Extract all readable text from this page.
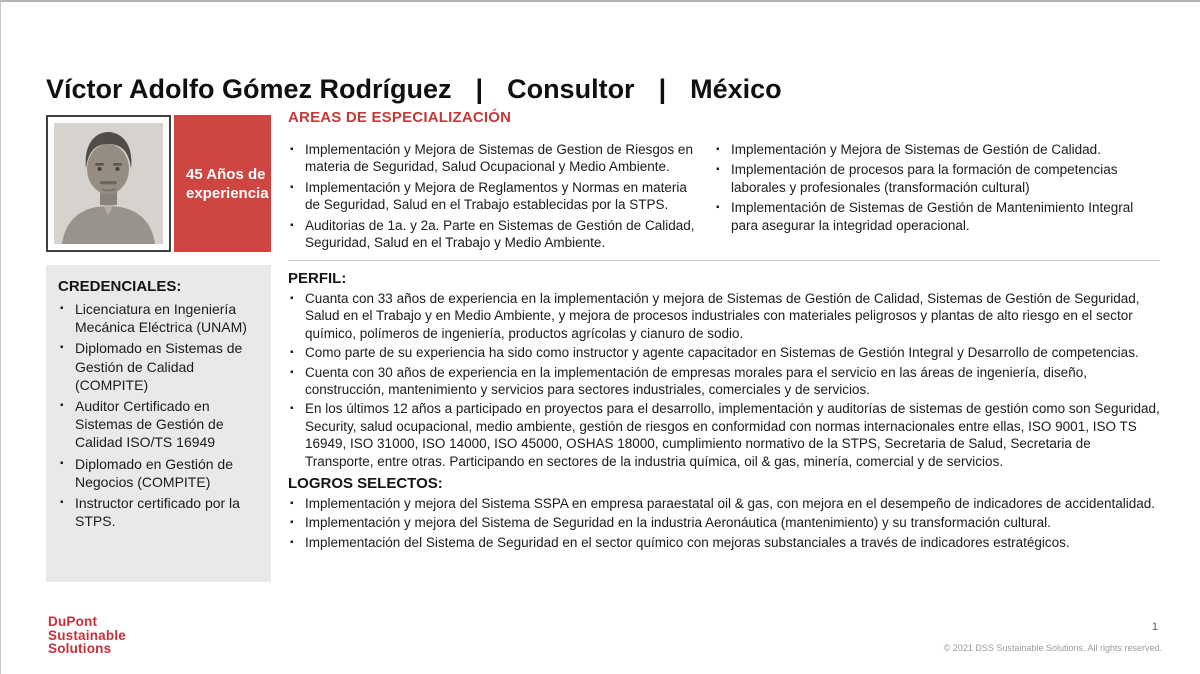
Víctor Adolfo Gómez Rodríguez | Consultor | México
45 Años de experiencia
CREDENCIALES:
▪ Licenciatura en Ingeniería Mecánica Eléctrica (UNAM)
▪ Diplomado en Sistemas de Gestión de Calidad (COMPITE)
▪ Auditor Certificado en Sistemas de Gestión de Calidad ISO/TS 16949
▪ Diplomado en Gestión de Negocios (COMPITE)
▪ Instructor certificado por la STPS.
AREAS DE ESPECIALIZACIÓN
▪ Implementación y Mejora de Sistemas de Gestion de Riesgos en materia de Seguridad, Salud Ocupacional y Medio Ambiente.
▪ Implementación y Mejora de Reglamentos y Normas en materia de Seguridad, Salud en el Trabajo establecidas por la STPS.
▪ Auditorias de 1a. y 2a. Parte en Sistemas de Gestión de Calidad, Seguridad, Salud en el Trabajo y Medio Ambiente.
▪ Implementación y Mejora de Sistemas de Gestión de Calidad.
▪ Implementación de procesos para la formación de competencias laborales y profesionales (transformación cultural)
▪ Implementación de Sistemas de Gestión de Mantenimiento Integral para asegurar la integridad operacional.
PERFIL:
▪ Cuanta con 33 años de experiencia en la implementación y mejora de Sistemas de Gestión de Calidad, Sistemas de Gestión de Seguridad, Salud en el Trabajo y en Medio Ambiente, y mejora de procesos industriales con materiales peligrosos y plantas de alto riesgo en el sector químico, polímeros de ingeniería, productos agrícolas y cianuro de sodio.
▪ Como parte de su experiencia ha sido como instructor y agente capacitador en Sistemas de Gestión Integral y Desarrollo de competencias.
▪ Cuenta con 30 años de experiencia en la implementación de empresas morales para el servicio en las áreas de ingeniería, diseño, construcción, mantenimiento y servicios para sectores industriales, comerciales y de servicios.
▪ En los últimos 12 años a participado en proyectos para el desarrollo, implementación y auditorías de sistemas de gestión como son Seguridad, Security, salud ocupacional, medio ambiente, gestión de riesgos en conformidad con normas internacionales entre ellas, ISO 9001, ISO TS 16949, ISO 31000, ISO 14000, ISO 45000, OSHAS 18000, cumplimiento normativo de la STPS, Secretaria de Salud, Secretaria de Transporte, entre otras. Participando en sectores de la industria química, oil & gas, minería, comercial y de servicios.
LOGROS SELECTOS:
▪ Implementación y mejora del Sistema SSPA en empresa paraestatal oil & gas, con mejora en el desempeño de indicadores de accidentalidad.
▪ Implementación y mejora del Sistema de Seguridad en la industria Aeronáutica (mantenimiento) y su transformación cultural.
▪ Implementación del Sistema de Seguridad en el sector químico con mejoras substanciales a través de indicadores estratégicos.
DuPont
Sustainable
Solutions
1
© 2021 DSS Sustainable Solutions. All rights reserved.
